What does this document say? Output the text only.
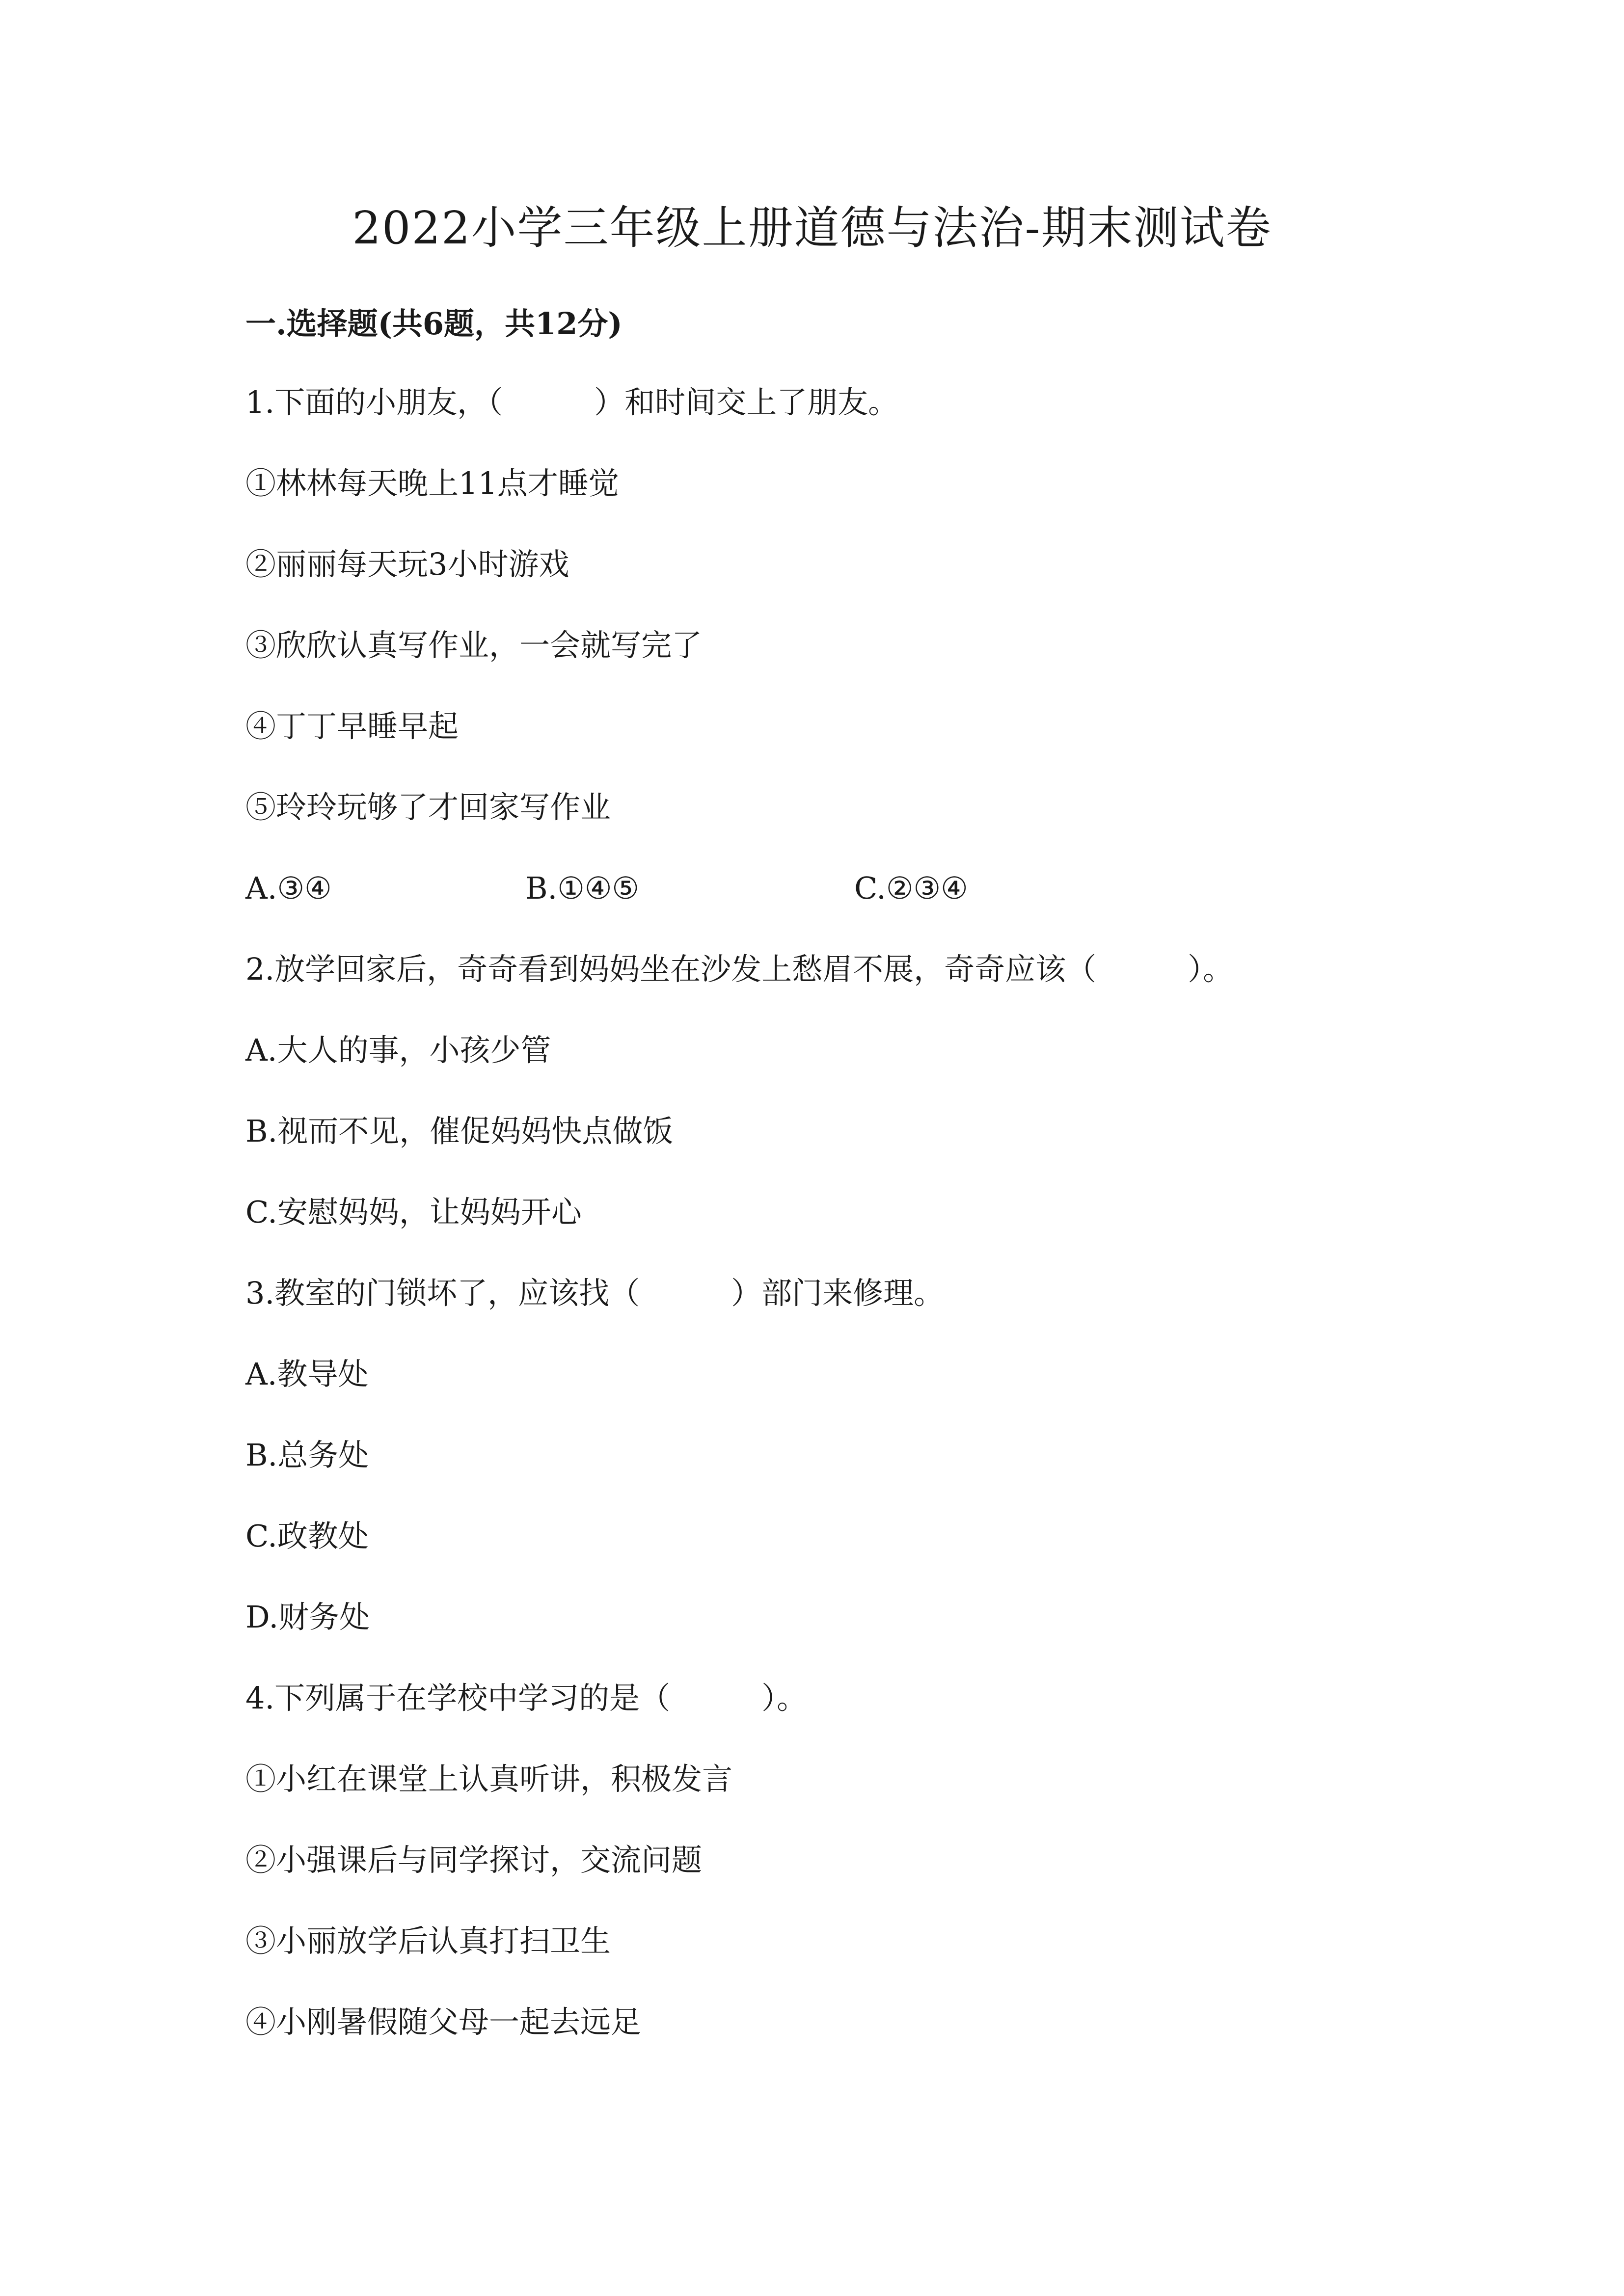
2022小学三年级上册道德与法治-期末测试卷
一.选择题(共6题，共12分)
1.下面的小朋友，（　　　）和时间交上了朋友。
①林林每天晚上11点才睡觉
②丽丽每天玩3小时游戏
③欣欣认真写作业，一会就写完了
④丁丁早睡早起
⑤玲玲玩够了才回家写作业

A.③④

	B.①④⑤

	C.②③④

2.放学回家后，奇奇看到妈妈坐在沙发上愁眉不展，奇奇应该（　　　）。
A.大人的事，小孩少管
B.视而不见，催促妈妈快点做饭
C.安慰妈妈，让妈妈开心
3.教室的门锁坏了，应该找（　　　）部门来修理。
A.教导处
B.总务处
C.政教处
D.财务处
4.下列属于在学校中学习的是（　　　）。
①小红在课堂上认真听讲，积极发言
②小强课后与同学探讨，交流问题
③小丽放学后认真打扫卫生
④小刚暑假随父母一起去远足
